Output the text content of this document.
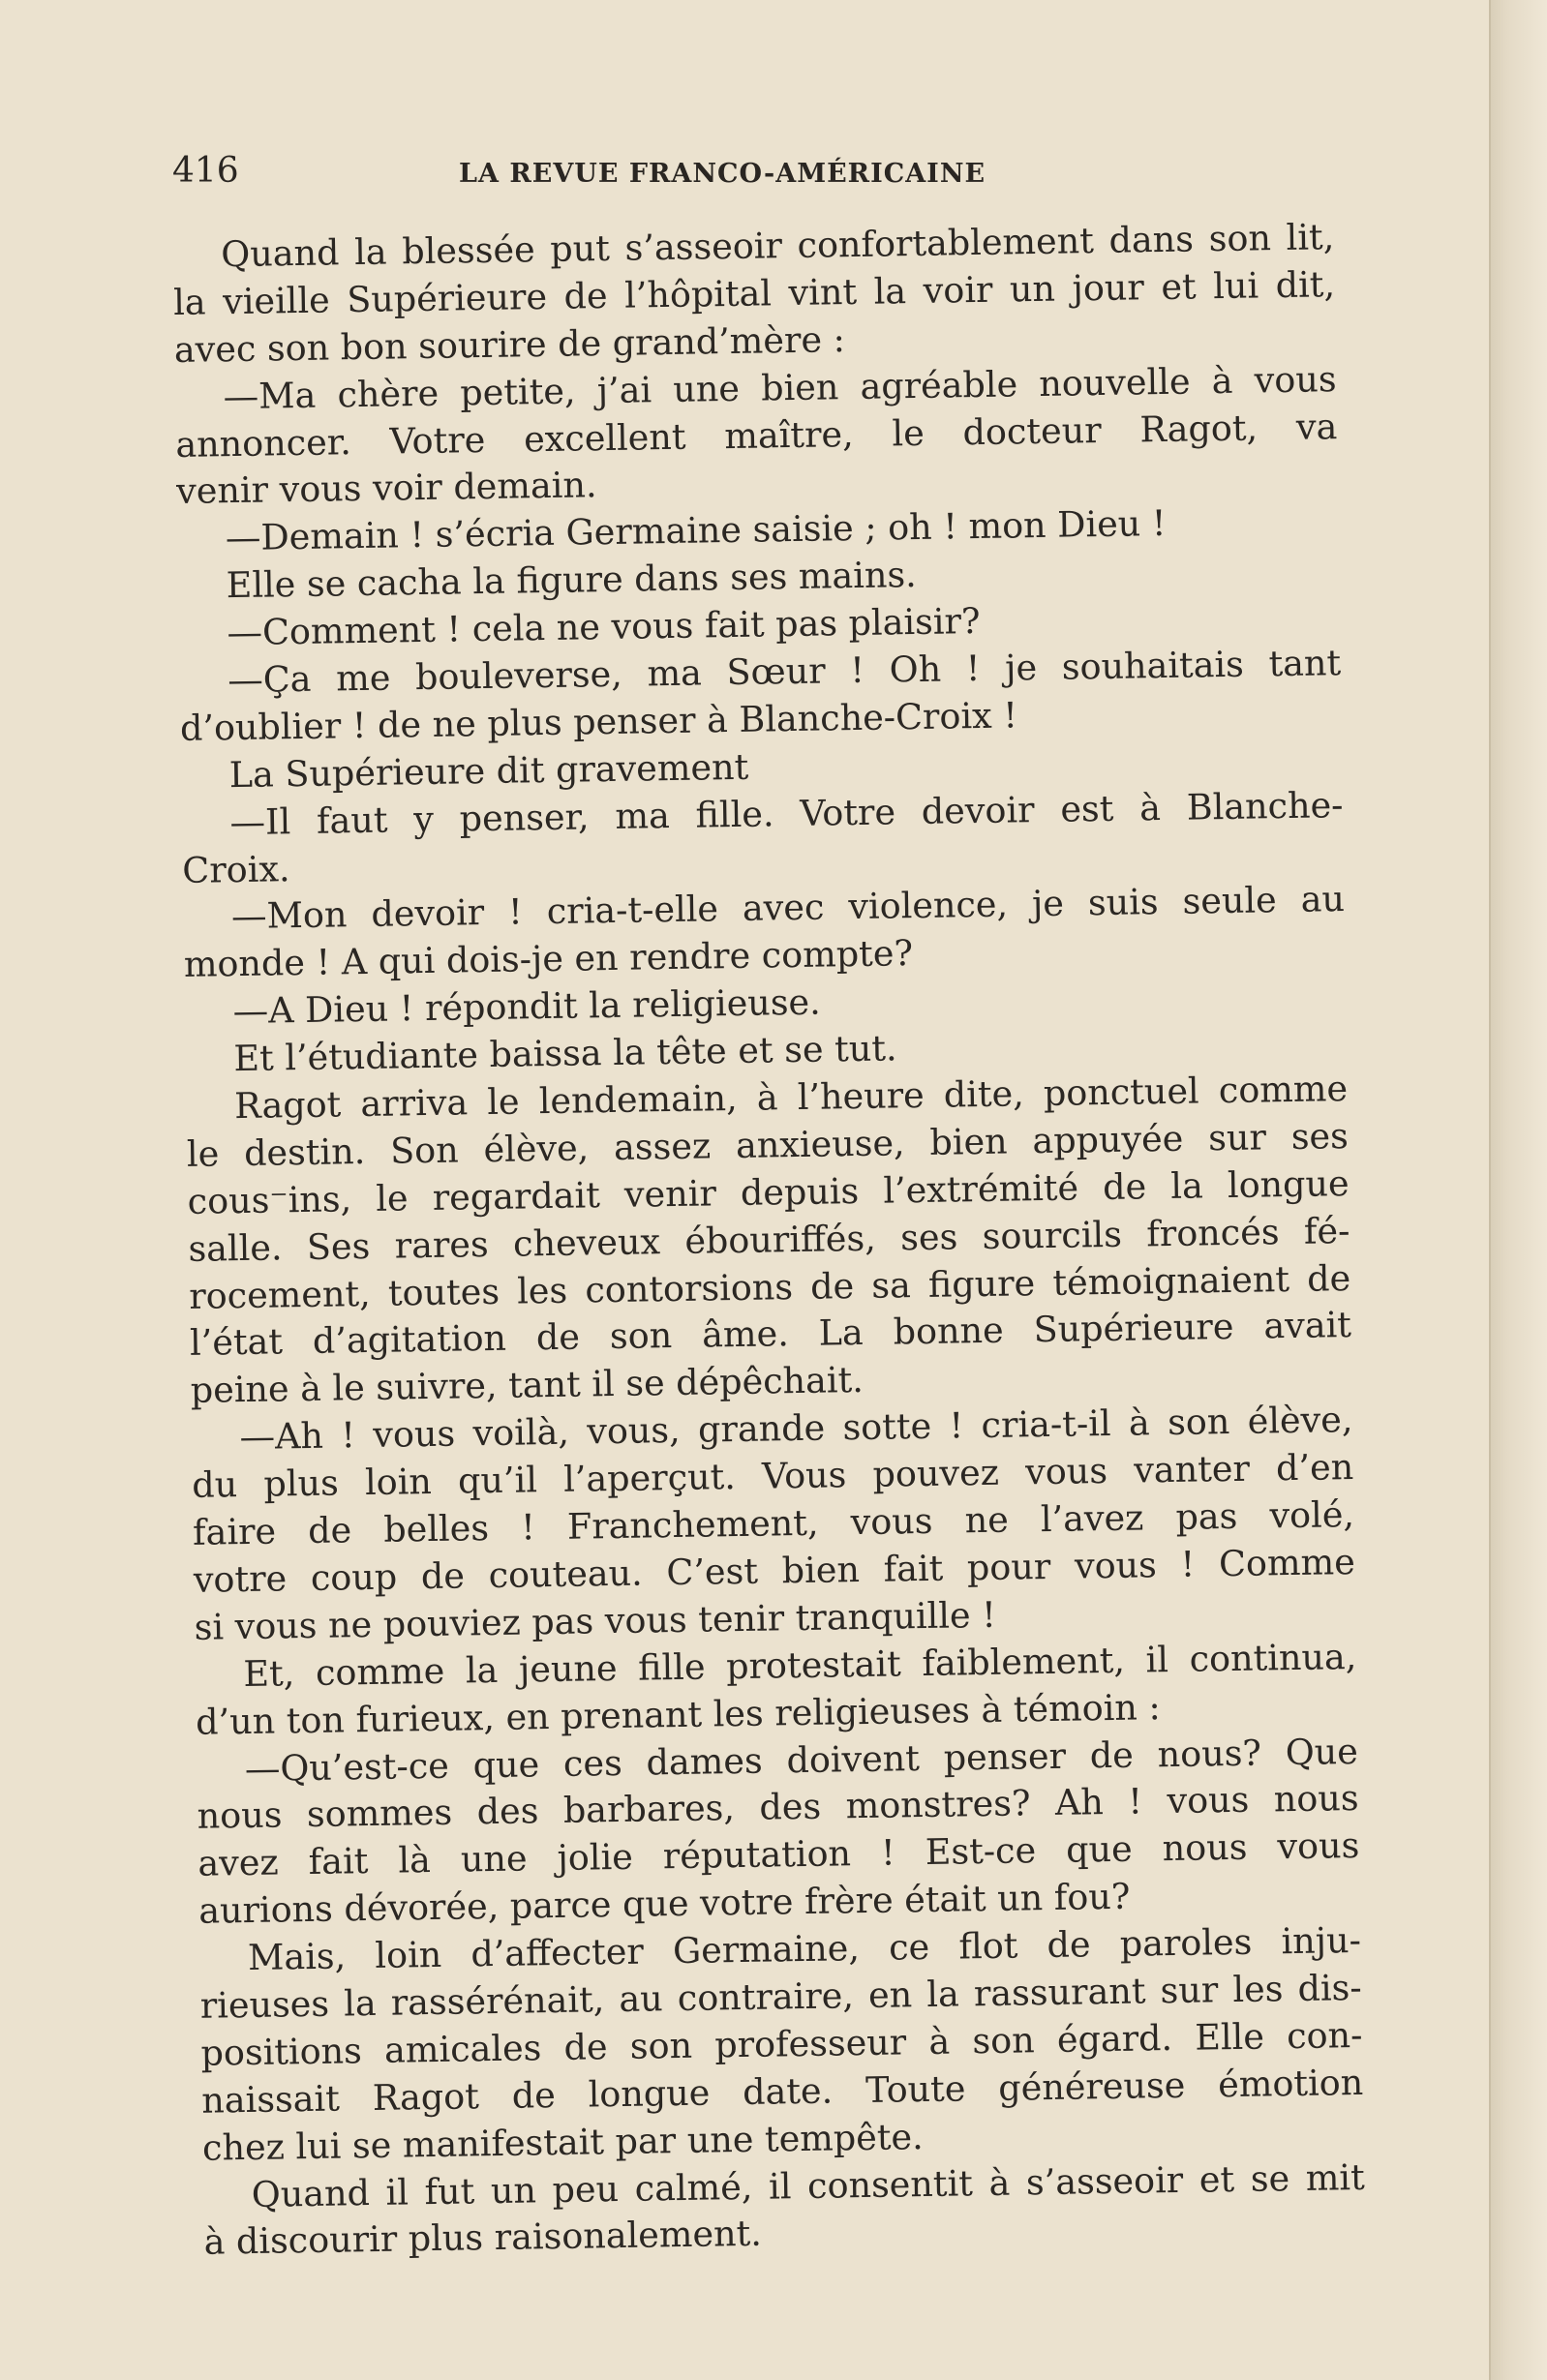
416	LA REVUE FRANCO-AMÉRICAINE
Quand la blessée put s’asseoir confortablement dans son lit,
la vieille Supérieure de l’hôpital vint la voir un jour et lui dit,
avec son bon sourire de grand’mère :
—Ma chère petite, j’ai une bien agréable nouvelle à vous
annoncer. Votre excellent maître, le docteur Ragot, va
venir vous voir demain.
—Demain ! s’écria Germaine saisie ; oh ! mon Dieu !
Elle se cacha la figure dans ses mains.
—Comment ! cela ne vous fait pas plaisir?
—Ça me bouleverse, ma Sœur ! Oh ! je souhaitais tant
d’oublier ! de ne plus penser à Blanche-Croix !
La Supérieure dit gravement
—Il faut y penser, ma fille. Votre devoir est à Blanche-
Croix.
—Mon devoir ! cria-t-elle avec violence, je suis seule au
monde ! A qui dois-je en rendre compte?
—A Dieu ! répondit la religieuse.
Et l’étudiante baissa la tête et se tut.
Ragot arriva le lendemain, à l’heure dite, ponctuel comme
le destin. Son élève, assez anxieuse, bien appuyée sur ses
cous⁻ins, le regardait venir depuis l’extrémité de la longue
salle. Ses rares cheveux ébouriffés, ses sourcils froncés fé-
rocement, toutes les contorsions de sa figure témoignaient de
l’état d’agitation de son âme. La bonne Supérieure avait
peine à le suivre, tant il se dépêchait.
—Ah ! vous voilà, vous, grande sotte ! cria-t-il à son élève,
du plus loin qu’il l’aperçut. Vous pouvez vous vanter d’en
faire de belles ! Franchement, vous ne l’avez pas volé,
votre coup de couteau. C’est bien fait pour vous ! Comme
si vous ne pouviez pas vous tenir tranquille !
Et, comme la jeune fille protestait faiblement, il continua,
d’un ton furieux, en prenant les religieuses à témoin :
—Qu’est-ce que ces dames doivent penser de nous? Que
nous sommes des barbares, des monstres? Ah ! vous nous
avez fait là une jolie réputation ! Est-ce que nous vous
aurions dévorée, parce que votre frère était un fou?
Mais, loin d’affecter Germaine, ce flot de paroles inju-
rieuses la rassérénait, au contraire, en la rassurant sur les dis-
positions amicales de son professeur à son égard. Elle con-
naissait Ragot de longue date. Toute généreuse émotion
chez lui se manifestait par une tempête.
Quand il fut un peu calmé, il consentit à s’asseoir et se mit
à discourir plus raisonalement.
